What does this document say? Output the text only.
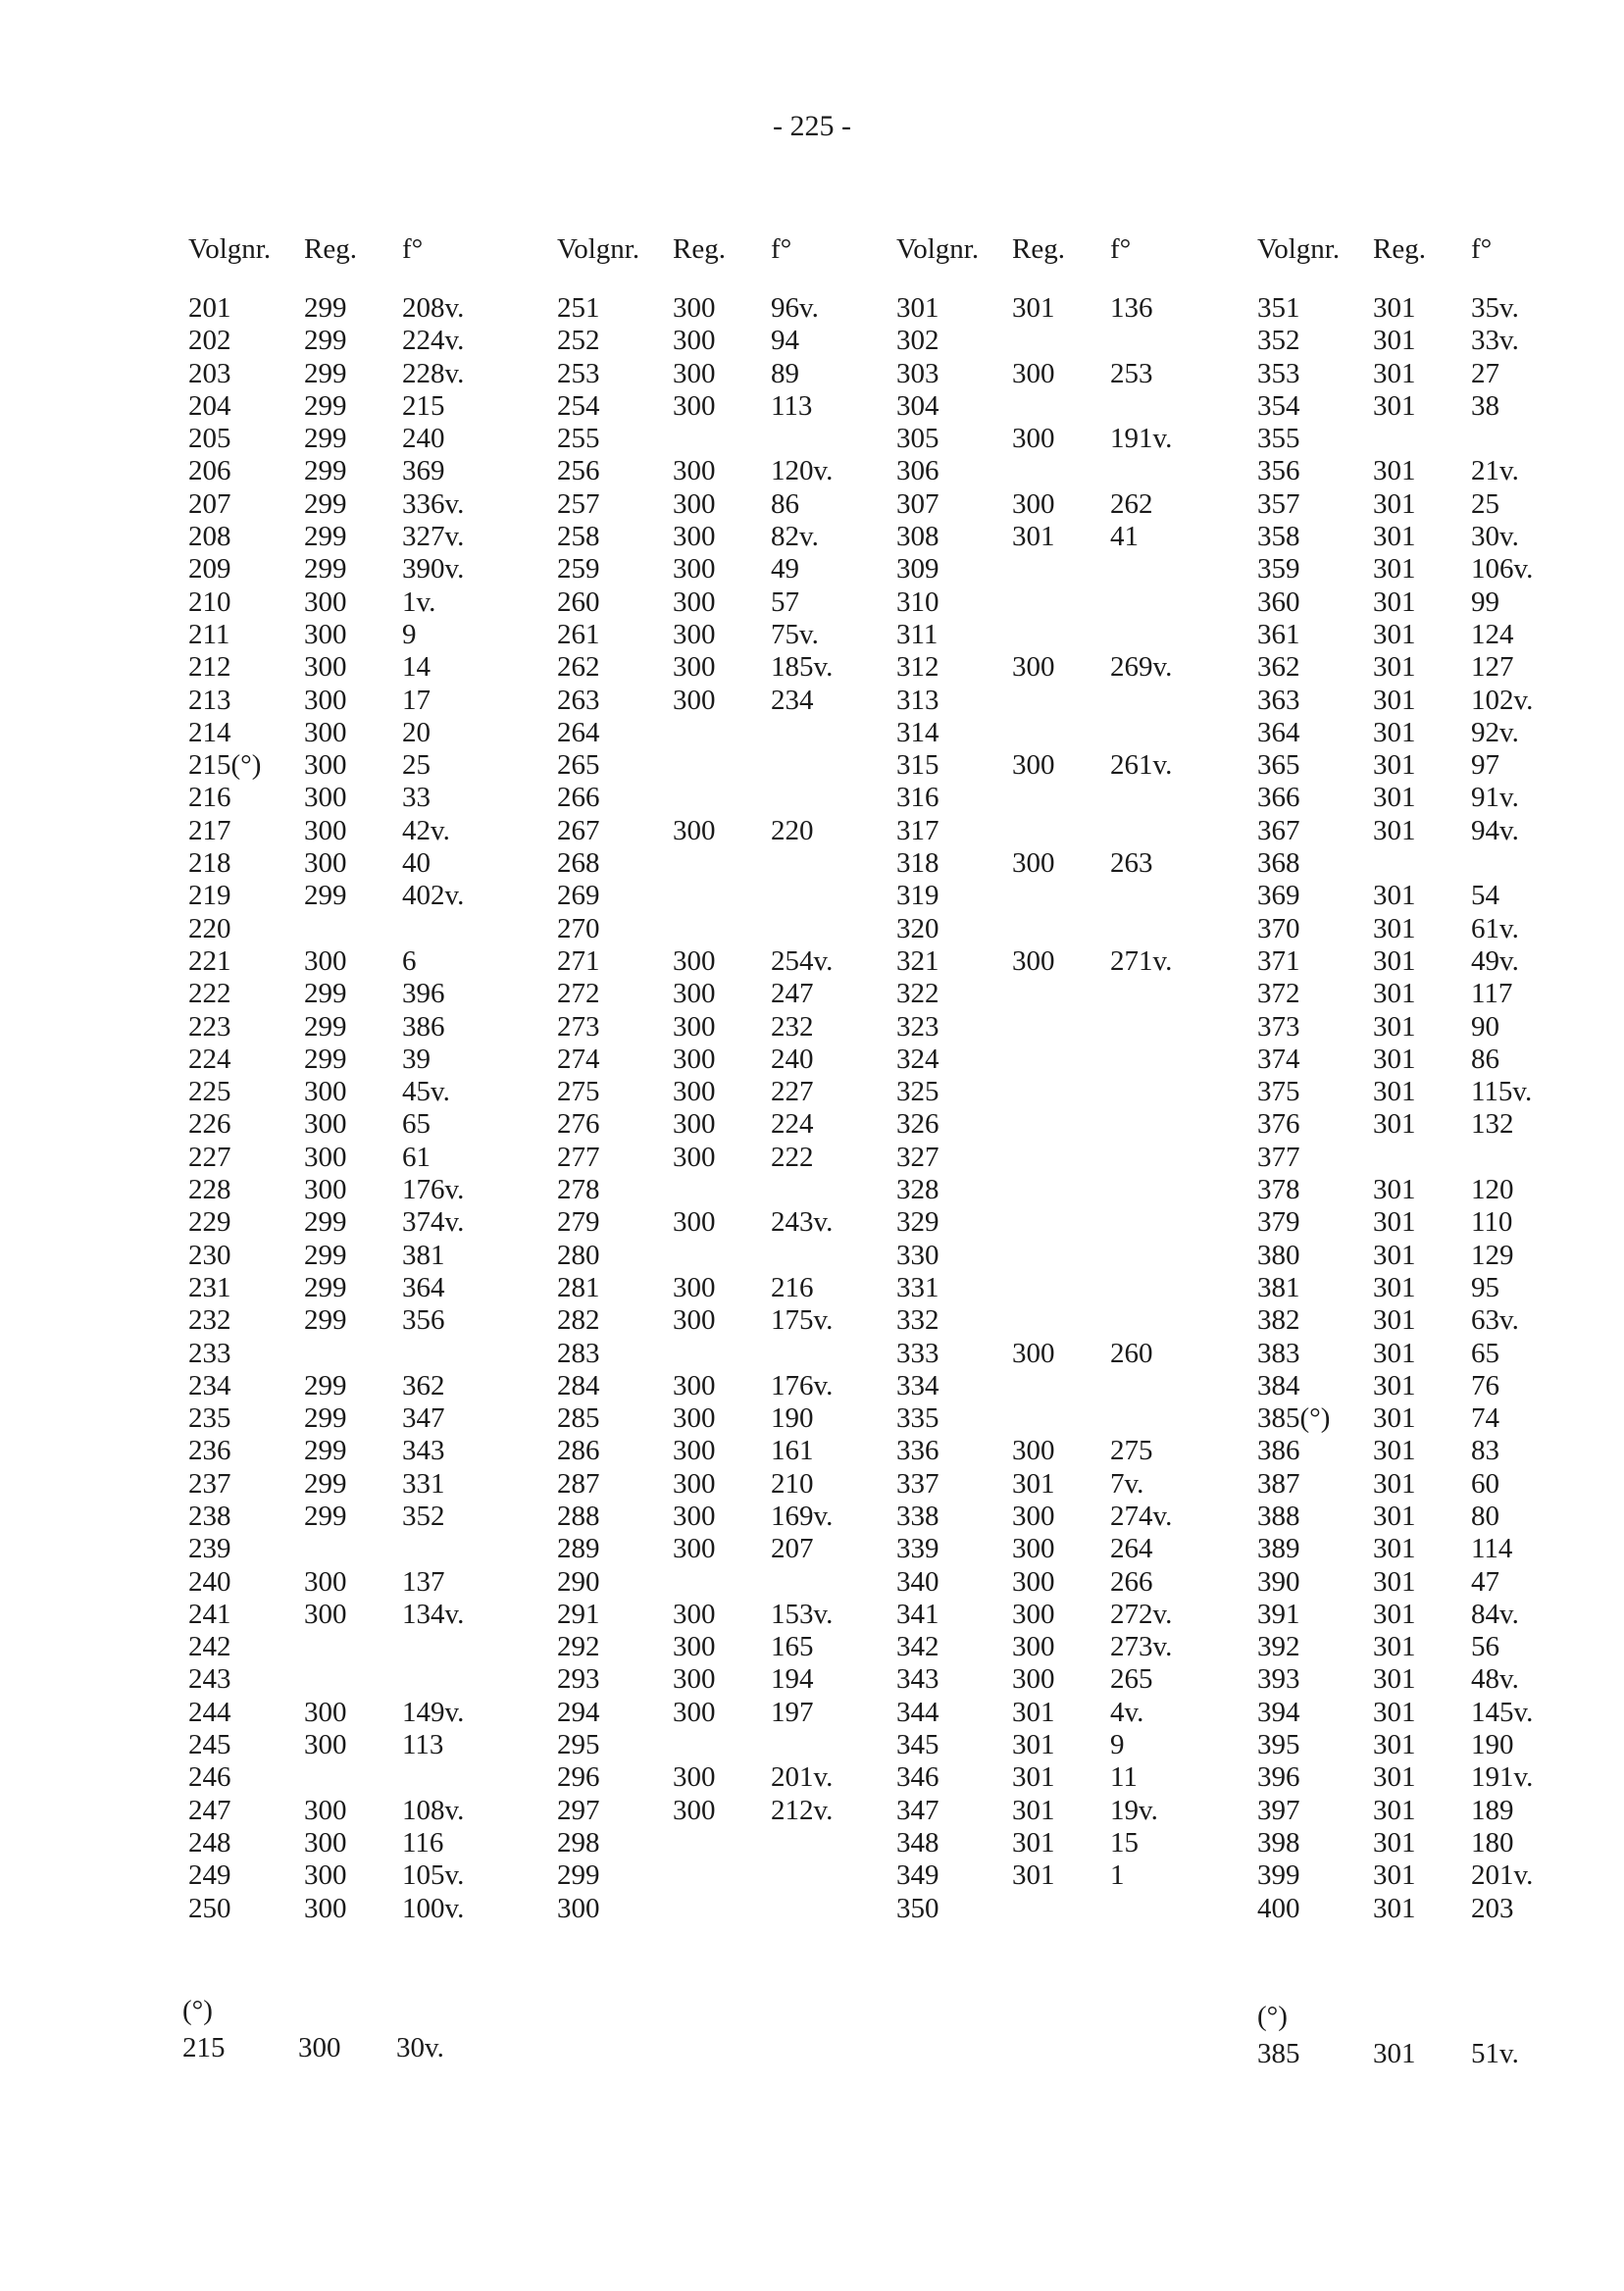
- 225 -
Volgnr. Reg. f°
201	299 208v.
202	299 224v.
203	299 228v.
204	299 215
205	299 240
206	299 369
207	299 336v.
208	299 327v.
209	299 390v.
210	300 1v.
211	300 9
212	300 14
213	300 17
214	300 20
215(°) 300 25
216	300 33
217	300 42v.
218	300 40
219	299 402v.
220
221	300 6
222	299 396
223	299 386
224	299 39
225	300 45v.
226	300 65
227	300 61
228	300 176v.
229	299 374v.
230	299 381
231	299 364
232	299 356
233
234	299 362
235	299 347
236	299 343
237	299 331
238	299 352
239
240	300 137
241	300 134v.
242
243
244	300 149v.
245	300 113
246
247	300 108v.
248	300 116
249	300 105v.
250	300 100v.
Volgnr. Reg. f°
251	300 96v.
252	300 94
253	300 89
254	300 113
255
256	300 120v.
257	300 86
258	300 82v.
259	300 49
260	300 57
261	300 75v.
262	300 185v.
263	300 234
264
265
266
267	300 220
268
269
270
271	300 254v.
272	300 247
273	300 232
274	300 240
275	300 227
276	300 224
277	300 222
278
279	300 243v.
280
281	300 216
282	300 175v.
283
284	300 176v.
285	300 190
286	300 161
287	300 210
288	300 169v.
289	300 207
290
291	300 153v.
292	300 165
293	300 194
294	300 197
295
296	300 201v.
297	300 212v.
298
299
300
Volgnr. Reg. f°
301	301 136
302
303	300 253
304
305	300 191v.
306
307	300 262
308	301 41
309
310
311
312	300 269v.
313
314
315	300 261v.
316
317
318	300 263
319
320
321	300 271v.
322
323
324
325
326
327
328
329
330
331
332
333	300 260
334
335
336	300 275
337	301 7v.
338	300 274v.
339	300 264
340	300 266
341	300 272v.
342	300 273v.
343	300 265
344	301 4v.
345	301 9
346	301 11
347	301 19v.
348	301 15
349	301 1
350
Volgnr. Reg. f°
351	301 35v.
352	301 33v.
353	301 27
354	301 38
355
356	301 21v.
357	301 25
358	301 30v.
359	301 106v.
360	301 99
361	301 124
362	301 127
363	301 102v.
364	301 92v.
365	301 97
366	301 91v.
367	301 94v.
368
369	301 54
370	301 61v.
371	301 49v.
372	301 117
373	301 90
374	301 86
375	301 115v.
376	301 132
377
378	301 120
379	301 110
380	301 129
381	301 95
382	301 63v.
383	301 65
384	301 76
385(°) 301 74
386	301 83
387	301 60
388	301 80
389	301 114
390	301 47
391	301 84v.
392	301 56
393	301 48v.
394	301 145v.
395	301 190
396	301 191v.
397	301 189
398	301 180
399	301 201v.
400	301 203
(°)
215	300 30v.
(°)
385	301 51v.
